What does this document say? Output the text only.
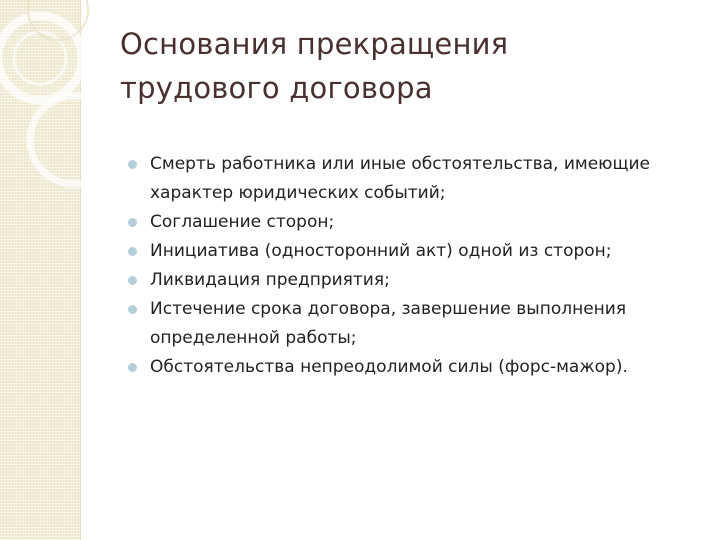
Основания прекращения
трудового договора
Смерть работника или иные обстоятельства, имеющие характер юридических событий;
Соглашение сторон;
Инициатива (односторонний акт) одной из сторон;
Ликвидация предприятия;
Истечение срока договора, завершение выполнения определенной работы;
Обстоятельства непреодолимой силы (форс-мажор).
